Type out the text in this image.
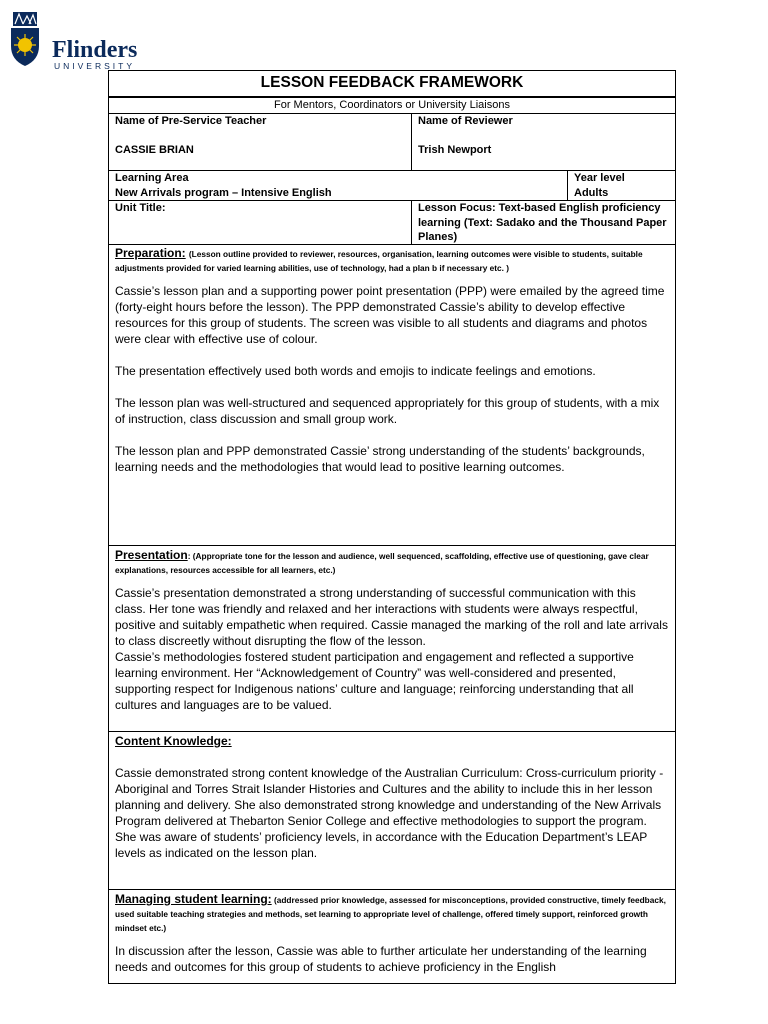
Flinders
UNIVERSITY
LESSON FEEDBACK FRAMEWORK
For Mentors, Coordinators or University Liaisons
Name of Pre-Service Teacher
CASSIE BRIAN
Name of Reviewer
Trish Newport
Learning Area
New Arrivals program – Intensive English
Year level
Adults
Unit Title:	Lesson Focus: Text-based English proficiency learning (Text: Sadako and the Thousand Paper Planes)
Preparation: (Lesson outline provided to reviewer, resources, organisation, learning outcomes were visible to students, suitable adjustments provided for varied learning abilities, use of technology, had a plan b if necessary etc. )

Cassie’s lesson plan and a supporting power point presentation (PPP) were emailed by the agreed time (forty-eight hours before the lesson). The PPP demonstrated Cassie’s ability to develop effective resources for this group of students. The screen was visible to all students and diagrams and photos were clear with effective use of colour.

The presentation effectively used both words and emojis to indicate feelings and emotions.

The lesson plan was well-structured and sequenced appropriately for this group of students, with a mix of instruction, class discussion and small group work.

The lesson plan and PPP demonstrated Cassie’ strong understanding of the students’ backgrounds, learning needs and the methodologies that would lead to positive learning outcomes.

Presentation: (Appropriate tone for the lesson and audience, well sequenced, scaffolding, effective use of questioning, gave clear explanations, resources accessible for all learners, etc.)

Cassie’s presentation demonstrated a strong understanding of successful communication with this class. Her tone was friendly and relaxed and her interactions with students were always respectful, positive and suitably empathetic when required. Cassie managed the marking of the roll and late arrivals to class discreetly without disrupting the flow of the lesson.

Cassie’s methodologies fostered student participation and engagement and reflected a supportive learning environment. Her “Acknowledgement of Country” was well-considered and presented, supporting respect for Indigenous nations’ culture and language; reinforcing understanding that all cultures and languages are to be valued.

Content Knowledge:

Cassie demonstrated strong content knowledge of the Australian Curriculum: Cross-curriculum priority - Aboriginal and Torres Strait Islander Histories and Cultures and the ability to include this in her lesson planning and delivery. She also demonstrated strong knowledge and understanding of the New Arrivals Program delivered at Thebarton Senior College and effective methodologies to support the program. She was aware of students’ proficiency levels, in accordance with the Education Department’s LEAP levels as indicated on the lesson plan.

Managing student learning: (addressed prior knowledge, assessed for misconceptions, provided constructive, timely feedback, used suitable teaching strategies and methods, set learning to appropriate level of challenge, offered timely support, reinforced growth mindset etc.)

In discussion after the lesson, Cassie was able to further articulate her understanding of the learning needs and outcomes for this group of students to achieve proficiency in the English
